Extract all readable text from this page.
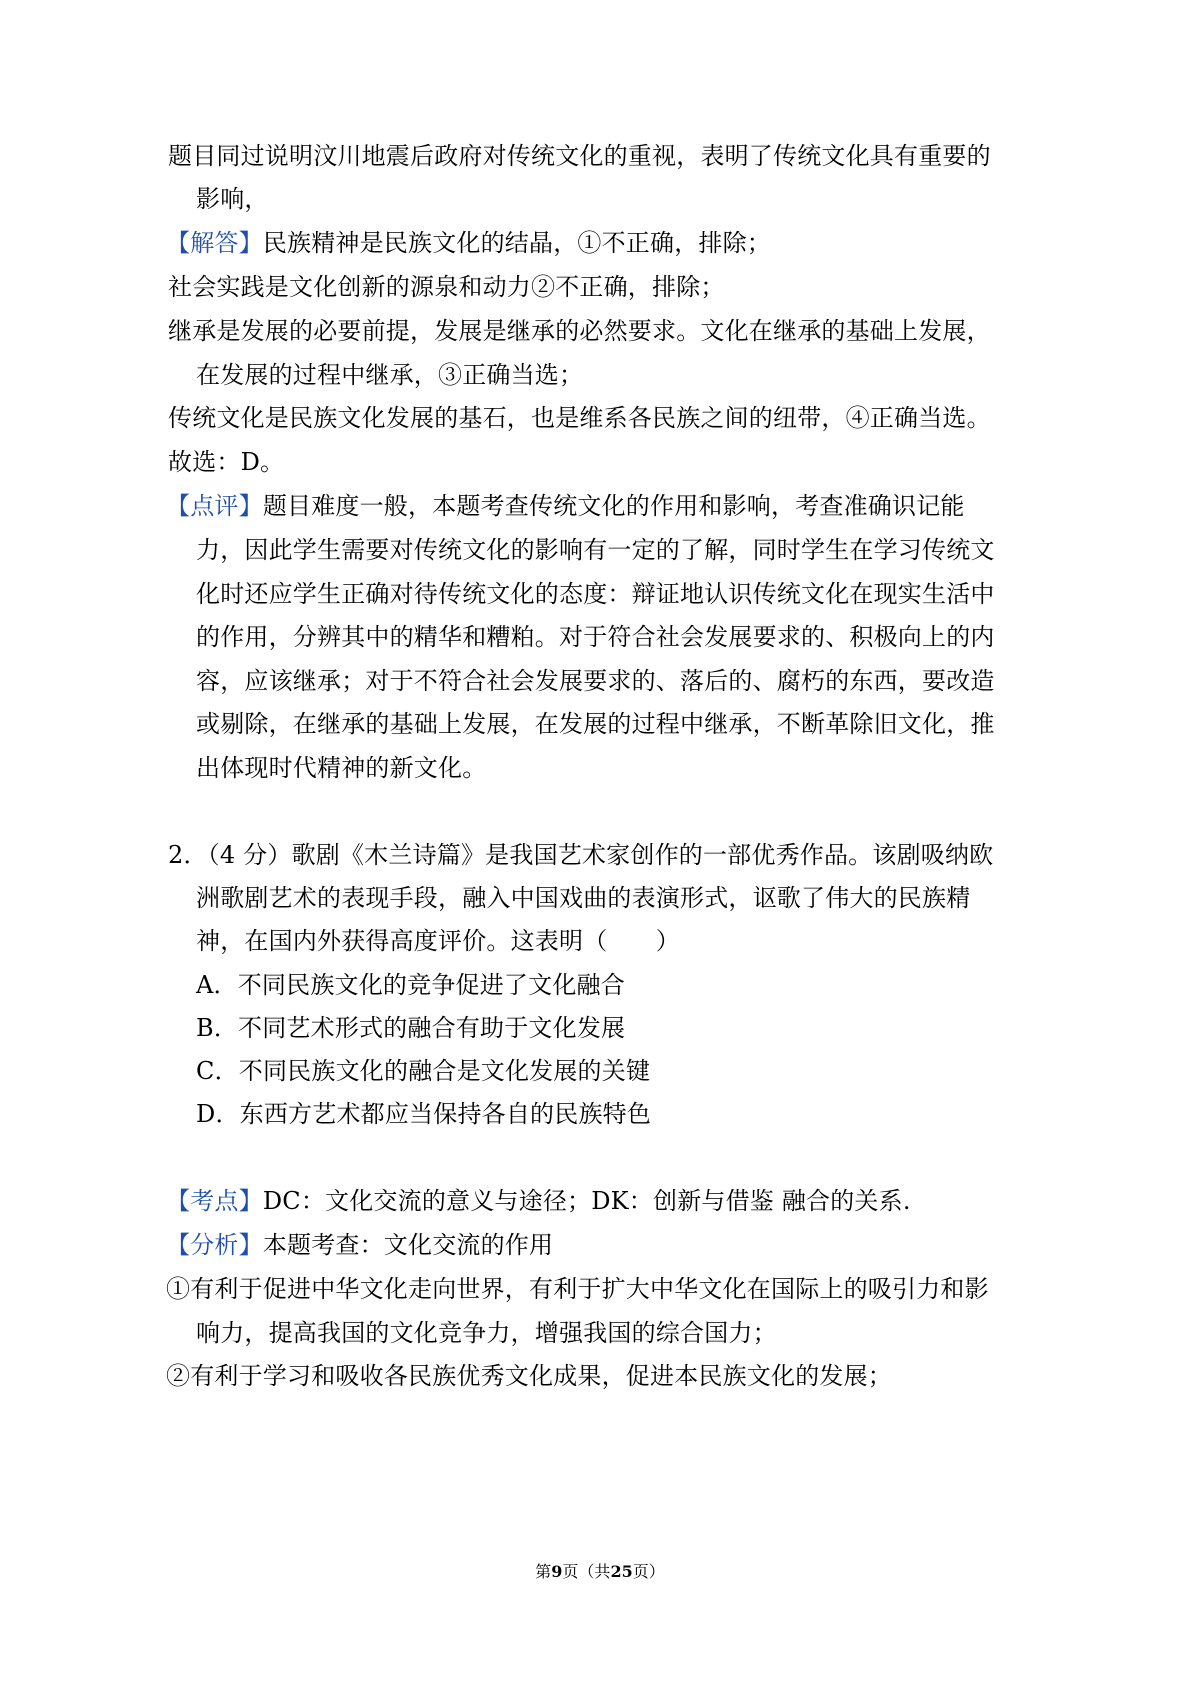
题目同过说明汶川地震后政府对传统文化的重视，表明了传统文化具有重要的
影响，
【解答】民族精神是民族文化的结晶，①不正确，排除；
社会实践是文化创新的源泉和动力②不正确，排除；
继承是发展的必要前提，发展是继承的必然要求。文化在继承的基础上发展，
在发展的过程中继承，③正确当选；
传统文化是民族文化发展的基石，也是维系各民族之间的纽带，④正确当选。
故选：D。
【点评】题目难度一般，本题考查传统文化的作用和影响，考查准确识记能
力，因此学生需要对传统文化的影响有一定的了解，同时学生在学习传统文
化时还应学生正确对待传统文化的态度：辩证地认识传统文化在现实生活中
的作用，分辨其中的精华和糟粕。对于符合社会发展要求的、积极向上的内
容，应该继承；对于不符合社会发展要求的、落后的、腐朽的东西，要改造
或剔除，在继承的基础上发展，在发展的过程中继承，不断革除旧文化，推
出体现时代精神的新文化。
2．（4 分）歌剧《木兰诗篇》是我国艺术家创作的一部优秀作品。该剧吸纳欧
洲歌剧艺术的表现手段，融入中国戏曲的表演形式，讴歌了伟大的民族精
神，在国内外获得高度评价。这表明（　　）
A．不同民族文化的竞争促进了文化融合
B．不同艺术形式的融合有助于文化发展
C．不同民族文化的融合是文化发展的关键
D．东西方艺术都应当保持各自的民族特色
【考点】DC：文化交流的意义与途径；DK：创新与借鉴 融合的关系.
【分析】本题考查：文化交流的作用
①有利于促进中华文化走向世界，有利于扩大中华文化在国际上的吸引力和影
响力，提高我国的文化竞争力，增强我国的综合国力；
②有利于学习和吸收各民族优秀文化成果，促进本民族文化的发展；
第9页（共25页）
